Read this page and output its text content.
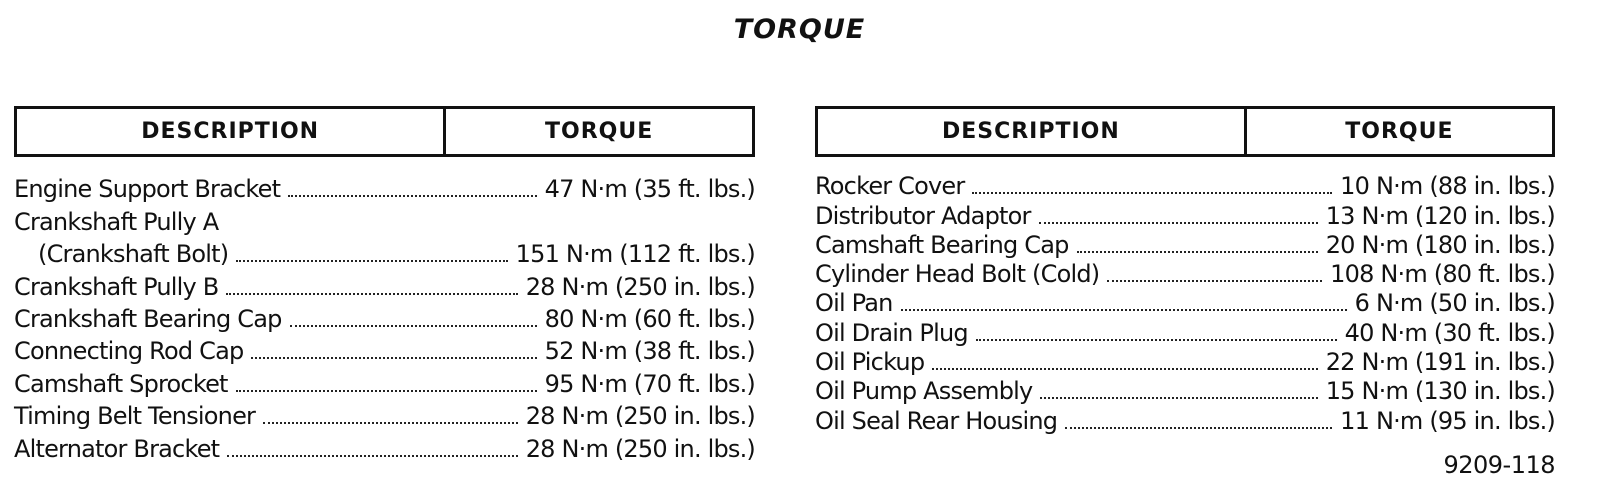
TORQUE
DESCRIPTION	TORQUE
Engine Support Bracket	47 N·m (35 ft. lbs.)
Crankshaft Pully A
(Crankshaft Bolt)	151 N·m (112 ft. lbs.)
Crankshaft Pully B	28 N·m (250 in. lbs.)
Crankshaft Bearing Cap	80 N·m (60 ft. lbs.)
Connecting Rod Cap	52 N·m (38 ft. lbs.)
Camshaft Sprocket	95 N·m (70 ft. lbs.)
Timing Belt Tensioner	28 N·m (250 in. lbs.)
Alternator Bracket	28 N·m (250 in. lbs.)
DESCRIPTION	TORQUE
Rocker Cover	10 N·m (88 in. lbs.)
Distributor Adaptor	13 N·m (120 in. lbs.)
Camshaft Bearing Cap	20 N·m (180 in. lbs.)
Cylinder Head Bolt (Cold)	108 N·m (80 ft. lbs.)
Oil Pan	6 N·m (50 in. lbs.)
Oil Drain Plug	40 N·m (30 ft. lbs.)
Oil Pickup	22 N·m (191 in. lbs.)
Oil Pump Assembly	15 N·m (130 in. lbs.)
Oil Seal Rear Housing	11 N·m (95 in. lbs.)
9209-118
